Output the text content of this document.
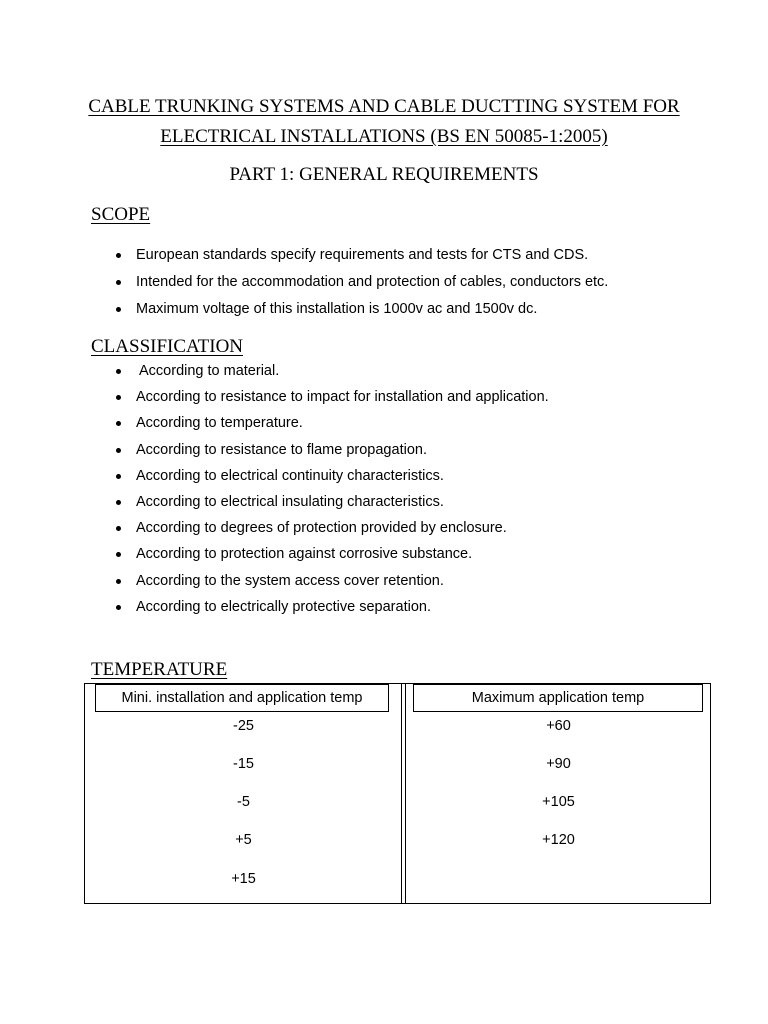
CABLE TRUNKING SYSTEMS AND CABLE DUCTTING SYSTEM FOR
ELECTRICAL INSTALLATIONS (BS EN 50085-1:2005)
PART 1: GENERAL REQUIREMENTS
SCOPE
European standards specify requirements and tests for CTS and CDS.
Intended for the accommodation and protection of cables, conductors etc.
Maximum voltage of this installation is 1000v ac and 1500v dc.
CLASSIFICATION
According to material.
According to resistance to impact for installation and application.
According to temperature.
According to resistance to flame propagation.
According to electrical continuity characteristics.
According to electrical insulating characteristics.
According to degrees of protection provided by enclosure.
According to protection against corrosive substance.
According to the system access cover retention.
According to electrically protective separation.
TEMPERATURE
Mini. installation and application temp
-25
-15
-5
+5
+15
Maximum application temp
+60
+90
+105
+120
